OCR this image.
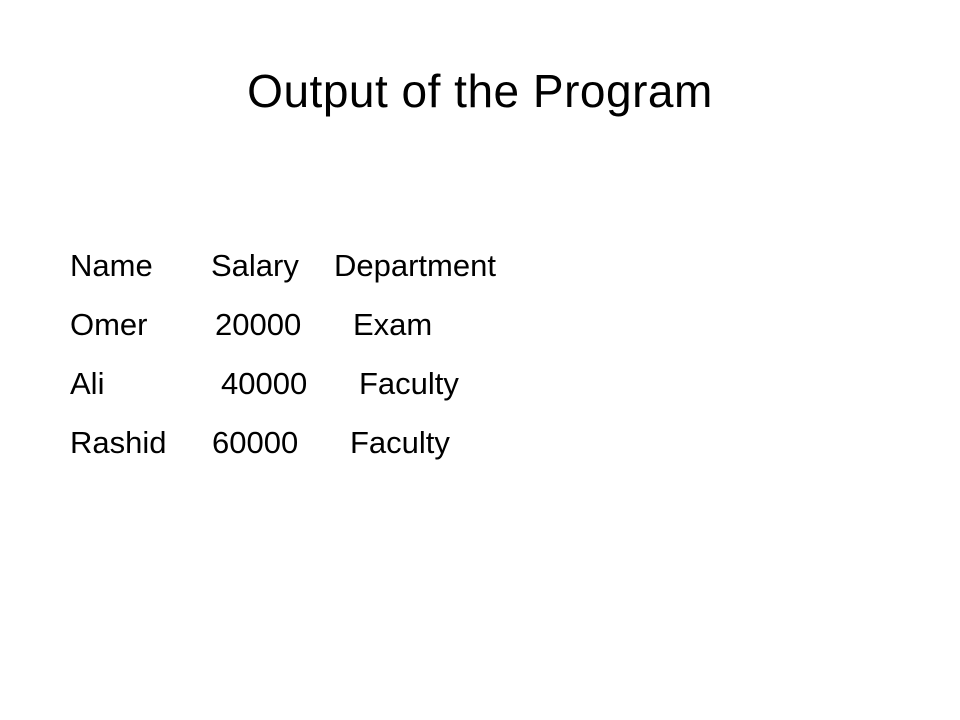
Output of the Program
Name Salary Department
Omer 20000 Exam
Ali	40000 Faculty
Rashid 60000 Faculty
